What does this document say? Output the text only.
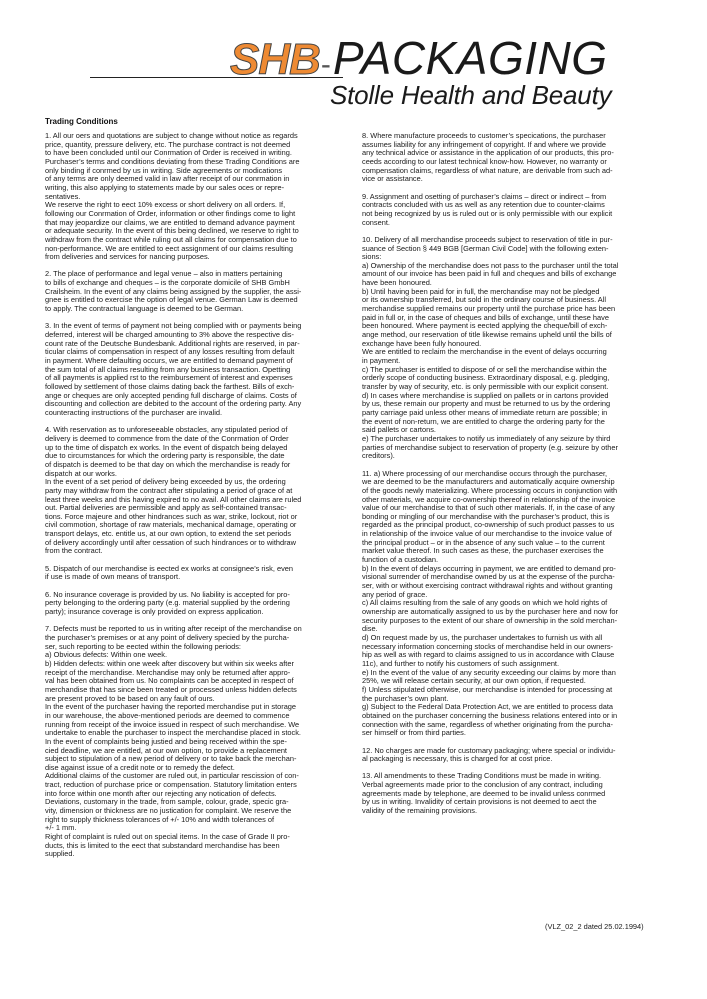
SHB - PACKAGING
Stolle Health and Beauty
Trading Conditions

1. All our oers and quotations are subject to change without notice as regards
price, quantity, pressure delivery, etc. The purchase contract is not deemed
to have been concluded until our Conrmation of Order is received in writing.
Purchaser’s terms and conditions deviating from these Trading Conditions are
only binding if conrmed by us in writing. Side agreements or modications
of any terms are only deemed valid in law after receipt of our conrmation in
writing, this also applying to statements made by our sales oces or repre-
sentatives.
We reserve the right to eect 10% excess or short delivery on all orders. If,
following our Conrmation of Order, information or other findings come to light
that may jeopardize our claims, we are entitled to demand advance payment
or adequate security. In the event of this being declined, we reserve to right to
withdraw from the contract while ruling out all claims for compensation due to
non-performance. We are entitled to eect assignment of our claims resulting
from deliveries and services for nancing purposes.

2. The place of performance and legal venue – also in matters pertaining
to bills of exchange and cheques – is the corporate domicile of SHB GmbH
Crailsheim. In the event of any claims being assigned by the supplier, the assi-
gnee is entitled to exercise the option of legal venue. German Law is deemed
to apply. The contractual language is deemed to be German.

3. In the event of terms of payment not being complied with or payments being
deferred, interest will be charged amounting to 3% above the respective dis-
count rate of the Deutsche Bundesbank. Additional rights are reserved, in par-
ticular claims of compensation in respect of any losses resulting from default
in payment. Where defaulting occurs, we are entitled to demand payment of
the sum total of all claims resulting from any business transaction. Opetting
of all payments is applied rst to the reimbursement of interest and expenses
followed by settlement of those claims dating back the farthest. Bills of exch-
ange or cheques are only accepted pending full discharge of claims. Costs of
discounting and collection are debited to the account of the ordering party. Any
counteracting instructions of the purchaser are invalid.

4. With reservation as to unforeseeable obstacles, any stipulated period of
delivery is deemed to commence from the date of the Conrmation of Order
up to the time of dispatch ex works. In the event of dispatch being delayed
due to circumstances for which the ordering party is responsible, the date
of dispatch is deemed to be that day on which the merchandise is ready for
dispatch at our works.
In the event of a set period of delivery being exceeded by us, the ordering
party may withdraw from the contract after stipulating a period of grace of at
least three weeks and this having expired to no avail. All other claims are ruled
out. Partial deliveries are permissible and apply as self-contained transac-
tions. Force majeure and other hindrances such as war, strike, lockout, riot or
civil commotion, shortage of raw materials, mechanical damage, operating or
transport delays, etc. entitle us, at our own option, to extend the set periods
of delivery accordingly until after cessation of such hindrances or to withdraw
from the contract.

5. Dispatch of our merchandise is eected ex works at consignee’s risk, even
if use is made of own means of transport.

6. No insurance coverage is provided by us. No liability is accepted for pro-
perty belonging to the ordering party (e.g. material supplied by the ordering
party); insurance coverage is only provided on express application.

7. Defects must be reported to us in writing after receipt of the merchandise on
the purchaser’s premises or at any point of delivery specied by the purcha-
ser, such reporting to be eected within the following periods:
a) Obvious defects: Within one week.
b) Hidden defects: within one week after discovery but within six weeks after
receipt of the merchandise. Merchandise may only be returned after appro-
val has been obtained from us. No complaints can be accepted in respect of
merchandise that has since been treated or processed unless hidden defects
are present proved to be based on any fault of ours.
In the event of the purchaser having the reported merchandise put in storage
in our warehouse, the above-mentioned periods are deemed to commence
running from receipt of the invoice issued in respect of such merchandise. We
undertake to enable the purchaser to inspect the merchandise placed in stock.
In the event of complaints being justied and being received within the spe-
cied deadline, we are entitled, at our own option, to provide a replacement
subject to stipulation of a new period of delivery or to take back the merchan-
dise against issue of a credit note or to remedy the defect.
Additional claims of the customer are ruled out, in particular rescission of con-
tract, reduction of purchase price or compensation. Statutory limitation enters
into force within one month after our rejecting any notication of defects.
Deviations, customary in the trade, from sample, colour, grade, specic gra-
vity, dimension or thickness are no justication for complaint. We reserve the
right to supply thickness tolerances of +/- 10% and width tolerances of
+/- 1 mm.
Right of complaint is ruled out on special items. In the case of Grade II pro-
ducts, this is limited to the eect that substandard merchandise has been
supplied.

8. Where manufacture proceeds to customer’s specications, the purchaser
assumes liability for any infringement of copyright. If and where we provide
any technical advice or assistance in the application of our products, this pro-
ceeds according to our latest technical know-how. However, no warranty or
compensation claims, regardless of what nature, are derivable from such ad-
vice or assistance.

9. Assignment and osetting of purchaser’s claims – direct or indirect – from
contracts concluded with us as well as any retention due to counter-claims
not being recognized by us is ruled out or is only permissible with our explicit
consent.

10. Delivery of all merchandise proceeds subject to reservation of title in pur-
suance of Section § 449 BGB [German Civil Code] with the following exten-
sions:
a) Ownership of the merchandise does not pass to the purchaser until the total
amount of our invoice has been paid in full and cheques and bills of exchange
have been honoured.
b) Until having been paid for in full, the merchandise may not be pledged
or its ownership transferred, but sold in the ordinary course of business. All
merchandise supplied remains our property until the purchase price has been
paid in full or, in the case of cheques and bills of exchange, until these have
been honoured. Where payment is eected applying the cheque/bill of exch-
ange method, our reservation of title likewise remains upheld until the bills of
exchange have been fully honoured.
We are entitled to reclaim the merchandise in the event of delays occurring
in payment.
c) The purchaser is entitled to dispose of or sell the merchandise within the
orderly scope of conducting business. Extraordinary disposal, e.g. pledging,
transfer by way of security, etc. is only permissible with our explicit consent.
d) In cases where merchandise is supplied on pallets or in cartons provided
by us, these remain our property and must be returned to us by the ordering
party carriage paid unless other means of immediate return are possible; in
the event of non-return, we are entitled to charge the ordering party for the
said pallets or cartons.
e) The purchaser undertakes to notify us immediately of any seizure by third
parties of merchandise subject to reservation of property (e.g. seizure by other
creditors).

11. a) Where processing of our merchandise occurs through the purchaser,
we are deemed to be the manufacturers and automatically acquire ownership
of the goods newly materializing. Where processing occurs in conjunction with
other materials, we acquire co-ownership thereof in relationship of the invoice
value of our merchandise to that of such other materials. If, in the case of any
bonding or mingling of our merchandise with the purchaser’s product, this is
regarded as the principal product, co-ownership of such product passes to us
in relationship of the invoice value of our merchandise to the invoice value of
the principal product – or in the absence of any such value – to the current
market value thereof. In such cases as these, the purchaser exercises the
function of a custodian.
b) In the event of delays occurring in payment, we are entitled to demand pro-
visional surrender of merchandise owned by us at the expense of the purcha-
ser, with or without exercising contract withdrawal rights and without granting
any period of grace.
c) All claims resulting from the sale of any goods on which we hold rights of
ownership are automatically assigned to us by the purchaser here and now for
security purposes to the extent of our share of ownership in the sold merchan-
dise.
d) On request made by us, the purchaser undertakes to furnish us with all
necessary information concerning stocks of merchandise held in our owners-
hip as well as with regard to claims assigned to us in accordance with Clause
11c), and further to notify his customers of such assignment.
e) In the event of the value of any security exceeding our claims by more than
25%, we will release certain security, at our own option, if requested.
f) Unless stipulated otherwise, our merchandise is intended for processing at
the purchaser’s own plant.
g) Subject to the Federal Data Protection Act, we are entitled to process data
obtained on the purchaser concerning the business relations entered into or in
connection with the same, regardless of whether originating from the purcha-
ser himself or from third parties.

12. No charges are made for customary packaging; where special or individu-
al packaging is necessary, this is charged for at cost price.

13. All amendments to these Trading Conditions must be made in writing.
Verbal agreements made prior to the conclusion of any contract, including
agreements made by telephone, are deemed to be invalid unless conrmed
by us in writing. Invalidity of certain provisions is not deemed to aect the
validity of the remaining provisions.

(VLZ_02_2 dated 25.02.1994)
